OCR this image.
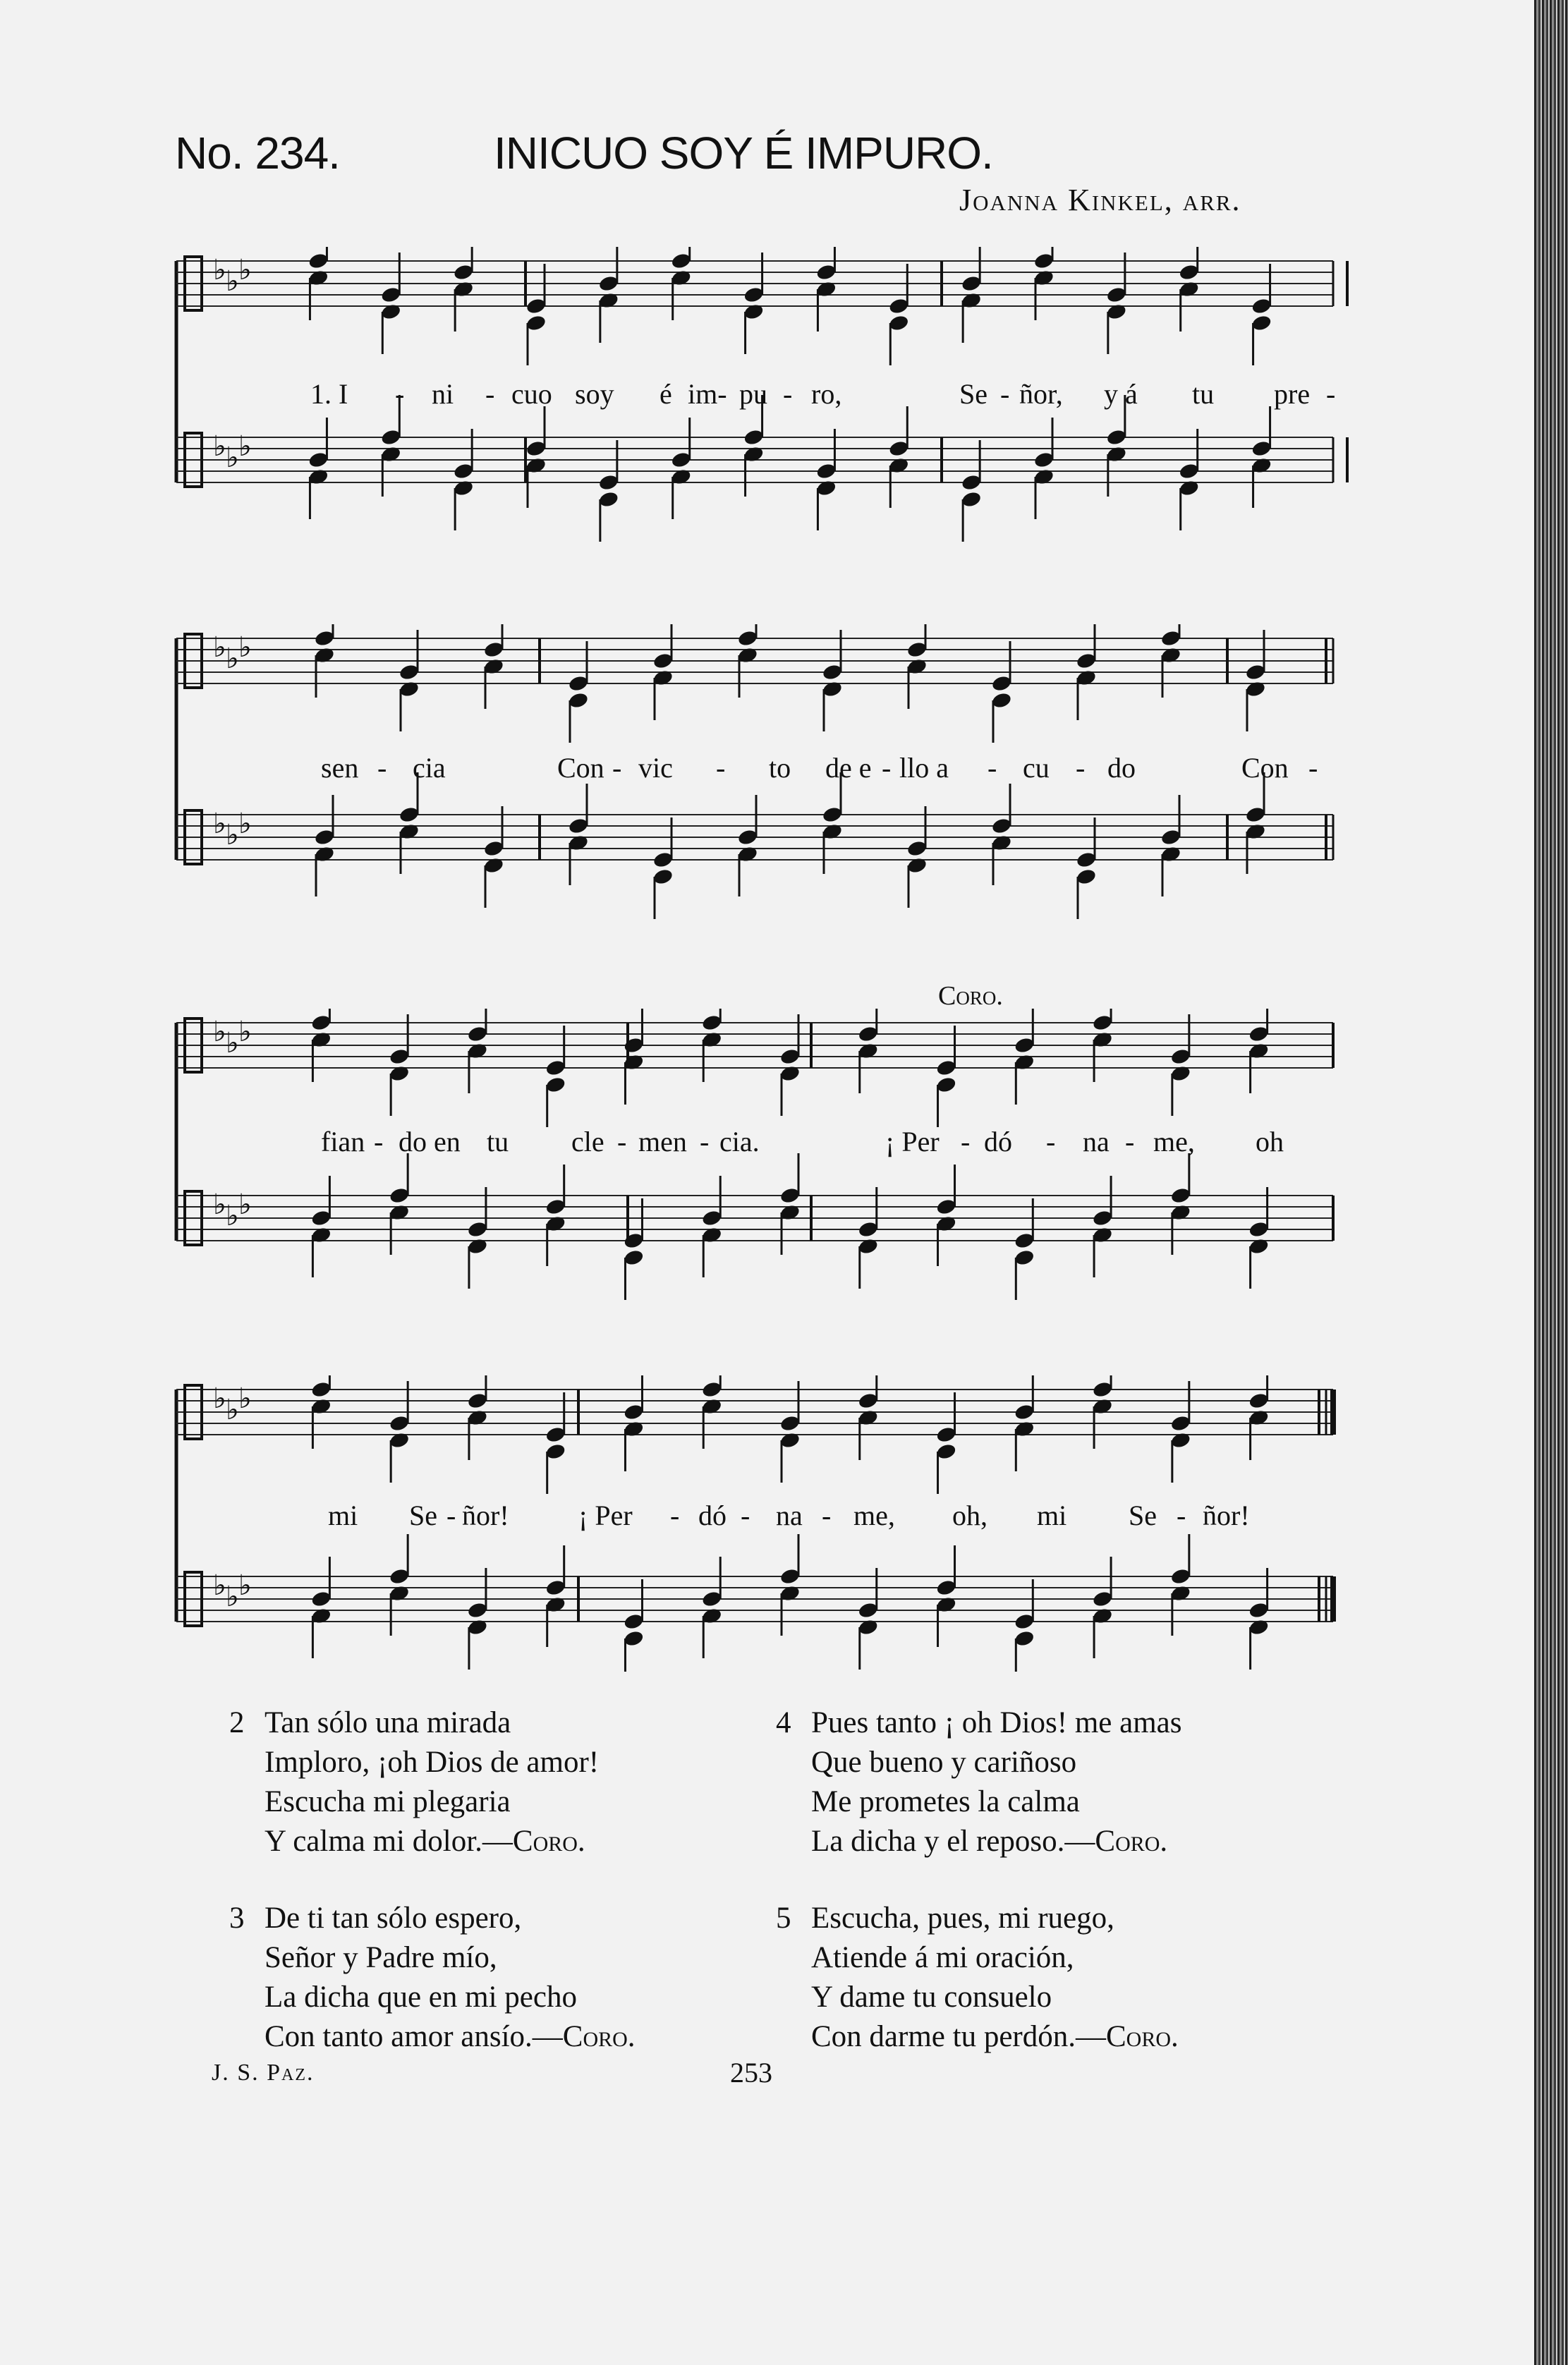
No. 234.	INICUO SOY É IMPURO.
Joanna Kinkel, arr.
♭ ♭ ♭
♭ ♭ ♭
1. I - ni - cuo soy é im- pu - ro,	Se - ñor, y á tu pre -
♭ ♭ ♭
♭ ♭ ♭
sen - cia	Con - vic - to de e - llo a - cu - do	Con -
Coro.
♭ ♭ ♭
♭ ♭ ♭
fian - do en tu cle - men - cia.	¡ Per - dó - na - me, oh
♭ ♭ ♭
♭ ♭ ♭
mi Se - ñor! ¡ Per - dó - na - me, oh, mi Se - ñor!
2 Tan sólo una mirada
Imploro, ¡oh Dios de amor!
Escucha mi plegaria
Y calma mi dolor.—Coro.
3 De ti tan sólo espero,
Señor y Padre mío,
La dicha que en mi pecho
Con tanto amor ansío.—Coro.
4 Pues tanto ¡ oh Dios! me amas
Que bueno y cariñoso
Me prometes la calma
La dicha y el reposo.—Coro.
5 Escucha, pues, mi ruego,
Atiende á mi oración,
Y dame tu consuelo
Con darme tu perdón.—Coro.
J. S. Paz.	253
